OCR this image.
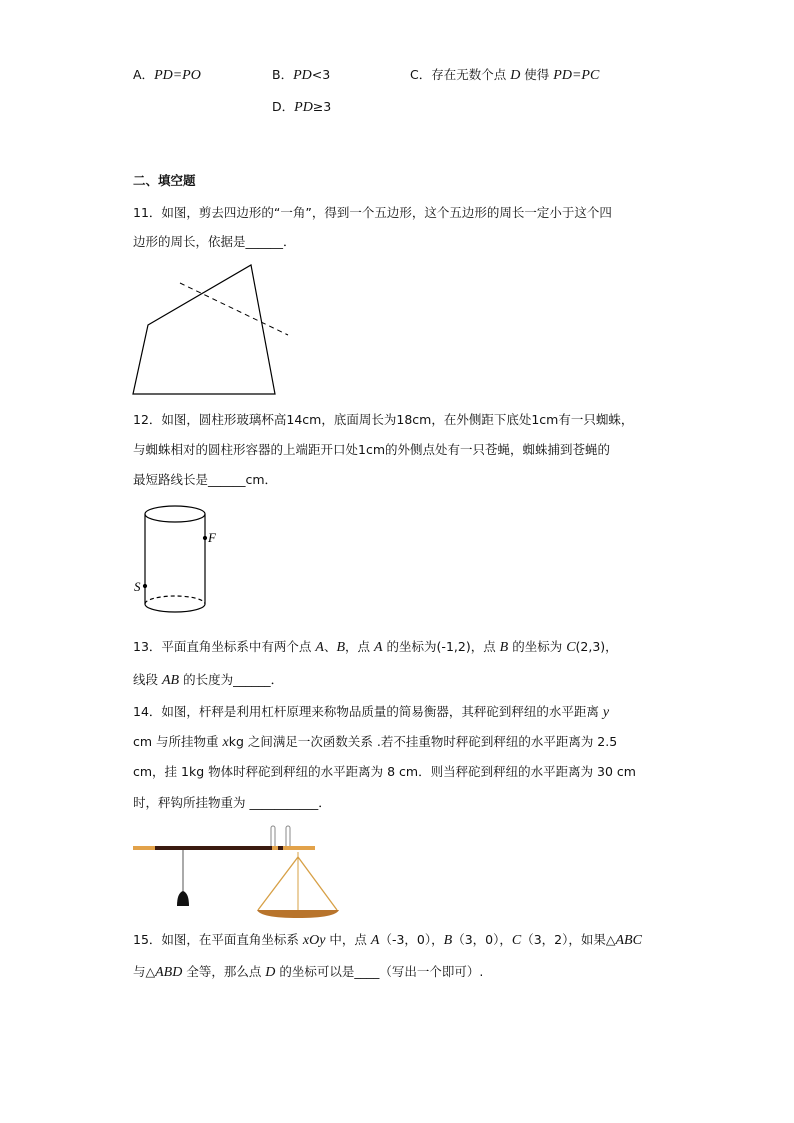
A．PD=PO	B．PD<3	C．存在无数个点 D 使得 PD=PC
D．PD≥3
二、填空题
11．如图，剪去四边形的“一角”，得到一个五边形，这个五边形的周长一定小于这个四
边形的周长，依据是______．
12．如图，圆柱形玻璃杯高14cm，底面周长为18cm，在外侧距下底处1cm有一只蜘蛛，
与蜘蛛相对的圆柱形容器的上端距开口处1cm的外侧点处有一只苍蝇，蜘蛛捕到苍蝇的
最短路线长是______cm．
13．平面直角坐标系中有两个点 A、B，点 A 的坐标为(-1,2)，点 B 的坐标为 C(2,3)，
线段 AB 的长度为______．
14．如图，杆秤是利用杠杆原理来称物品质量的简易衡器，其秤砣到秤纽的水平距离 y
cm 与所挂物重 xkg 之间满足一次函数关系 .若不挂重物时秤砣到秤纽的水平距离为 2.5
cm，挂 1kg 物体时秤砣到秤纽的水平距离为 8 cm．则当秤砣到秤纽的水平距离为 30 cm
时，秤钩所挂物重为 ___________．
15．如图，在平面直角坐标系 xOy 中，点 A（-3，0），B（3，0），C（3，2），如果△ABC
与△ABD 全等，那么点 D 的坐标可以是____（写出一个即可）.
F
S
